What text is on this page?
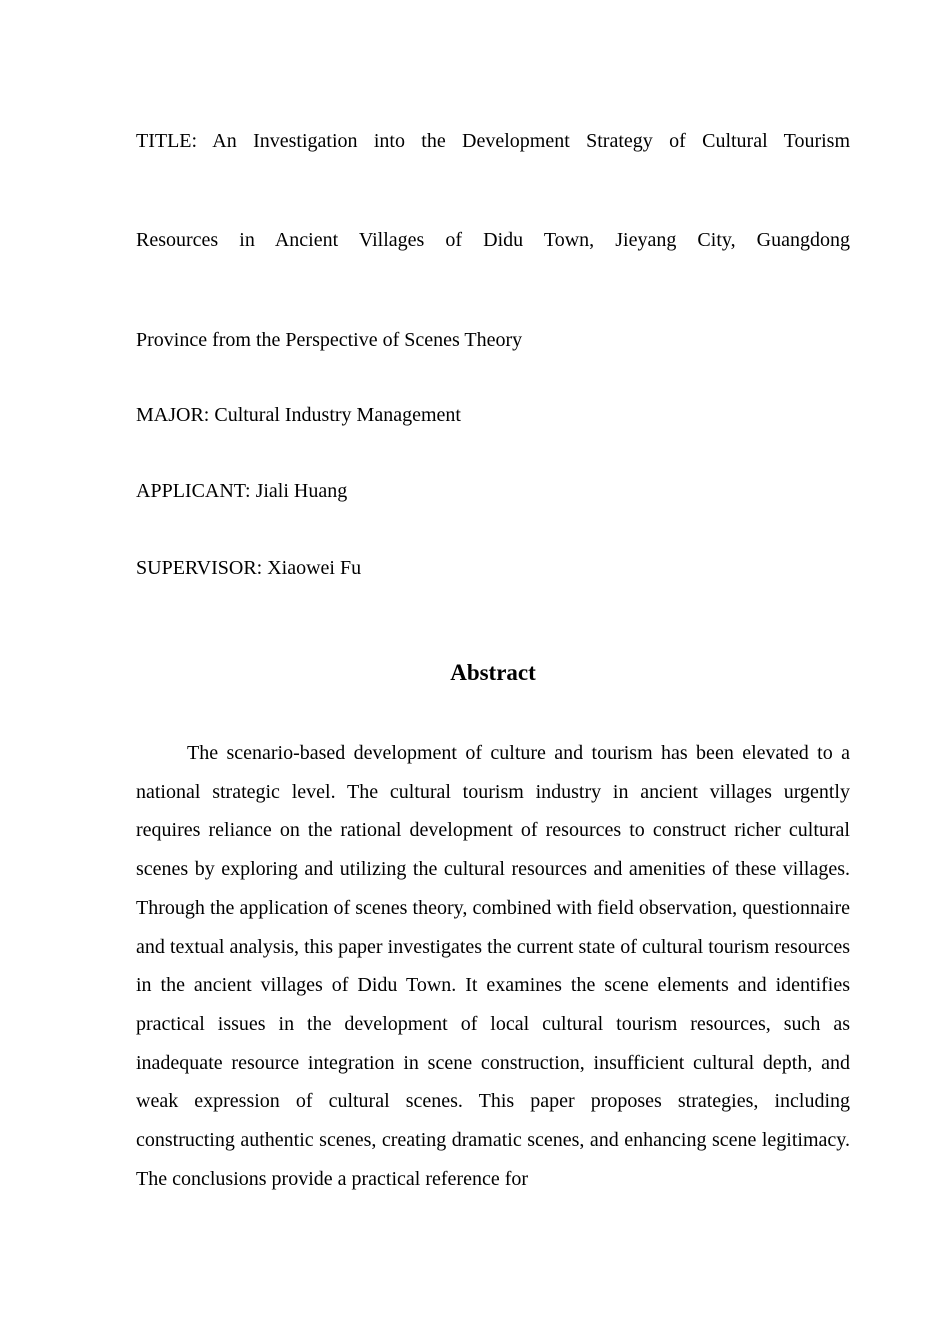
TITLE: An Investigation into the Development Strategy of Cultural Tourism
Resources in Ancient Villages of Didu Town, Jieyang City, Guangdong
Province from the Perspective of Scenes Theory
MAJOR: Cultural Industry Management
APPLICANT: Jiali Huang
SUPERVISOR: Xiaowei Fu
Abstract

The scenario-based development of culture and tourism has been elevated to a national strategic level. The cultural tourism industry in ancient villages urgently requires reliance on the rational development of resources to construct richer cultural scenes by exploring and utilizing the cultural resources and amenities of these villages. Through the application of scenes theory, combined with field observation, questionnaire and textual analysis, this paper investigates the current state of cultural tourism resources in the ancient villages of Didu Town. It examines the scene elements and identifies practical issues in the development of local cultural tourism resources, such as inadequate resource integration in scene construction, insufficient cultural depth, and weak expression of cultural scenes. This paper proposes strategies, including constructing authentic scenes, creating dramatic scenes, and enhancing scene legitimacy. The conclusions provide a practical reference for
